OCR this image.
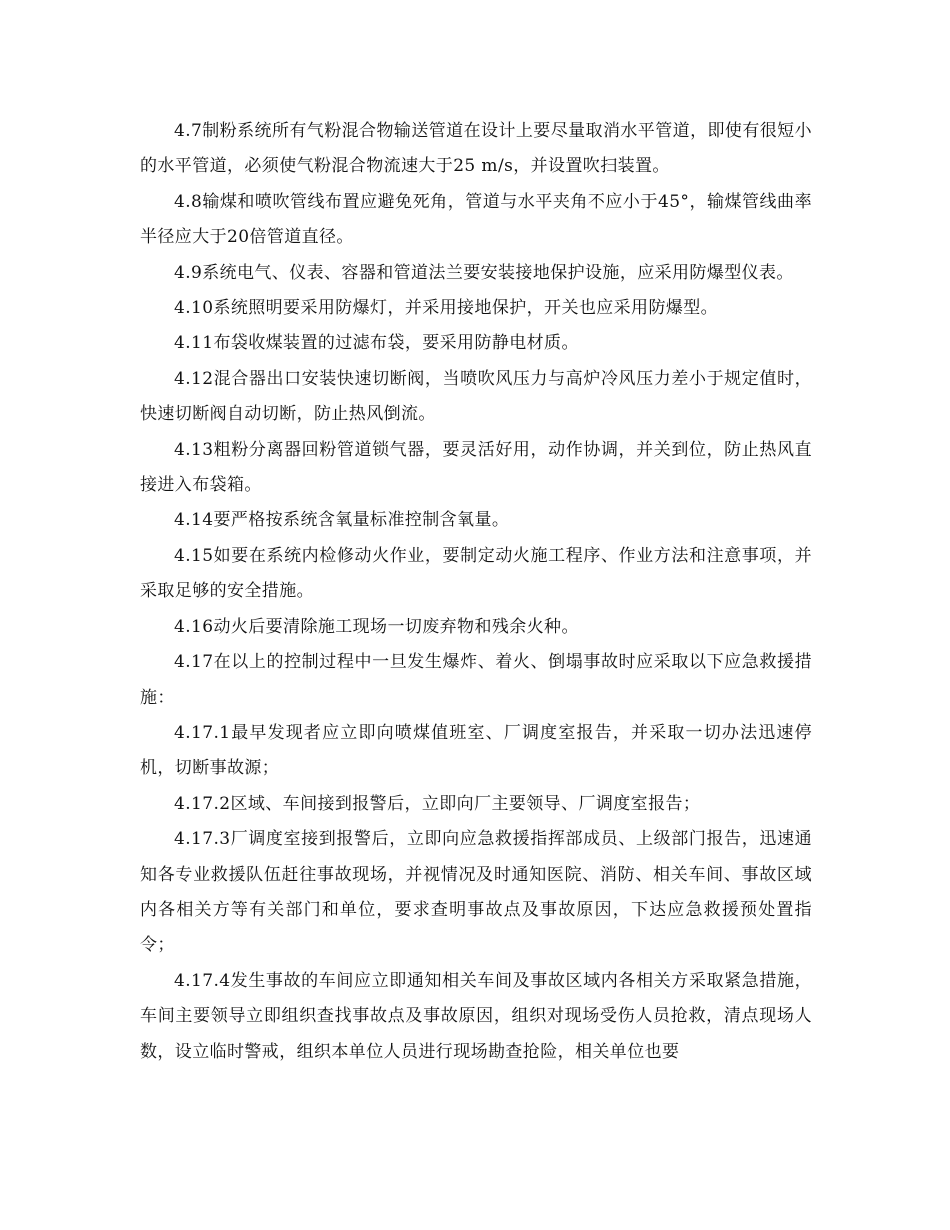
4.7制粉系统所有气粉混合物输送管道在设计上要尽量取消水平管道，即使有很短小的水平管道，必须使气粉混合物流速大于25 m/s，并设置吹扫装置。

4.8输煤和喷吹管线布置应避免死角，管道与水平夹角不应小于45°，输煤管线曲率半径应大于20倍管道直径。

4.9系统电气、仪表、容器和管道法兰要安装接地保护设施，应采用防爆型仪表。

4.10系统照明要采用防爆灯，并采用接地保护，开关也应采用防爆型。

4.11布袋收煤装置的过滤布袋，要采用防静电材质。

4.12混合器出口安装快速切断阀，当喷吹风压力与高炉冷风压力差小于规定值时，快速切断阀自动切断，防止热风倒流。

4.13粗粉分离器回粉管道锁气器，要灵活好用，动作协调，并关到位，防止热风直接进入布袋箱。

4.14要严格按系统含氧量标准控制含氧量。

4.15如要在系统内检修动火作业，要制定动火施工程序、作业方法和注意事项，并采取足够的安全措施。

4.16动火后要清除施工现场一切废弃物和残余火种。

4.17在以上的控制过程中一旦发生爆炸、着火、倒塌事故时应采取以下应急救援措施：

4.17.1最早发现者应立即向喷煤值班室、厂调度室报告，并采取一切办法迅速停机，切断事故源；

4.17.2区域、车间接到报警后，立即向厂主要领导、厂调度室报告；

4.17.3厂调度室接到报警后，立即向应急救援指挥部成员、上级部门报告，迅速通知各专业救援队伍赶往事故现场，并视情况及时通知医院、消防、相关车间、事故区域内各相关方等有关部门和单位，要求查明事故点及事故原因，下达应急救援预处置指令；

4.17.4发生事故的车间应立即通知相关车间及事故区域内各相关方采取紧急措施，车间主要领导立即组织查找事故点及事故原因，组织对现场受伤人员抢救，清点现场人数，设立临时警戒，组织本单位人员进行现场勘查抢险，相关单位也要
